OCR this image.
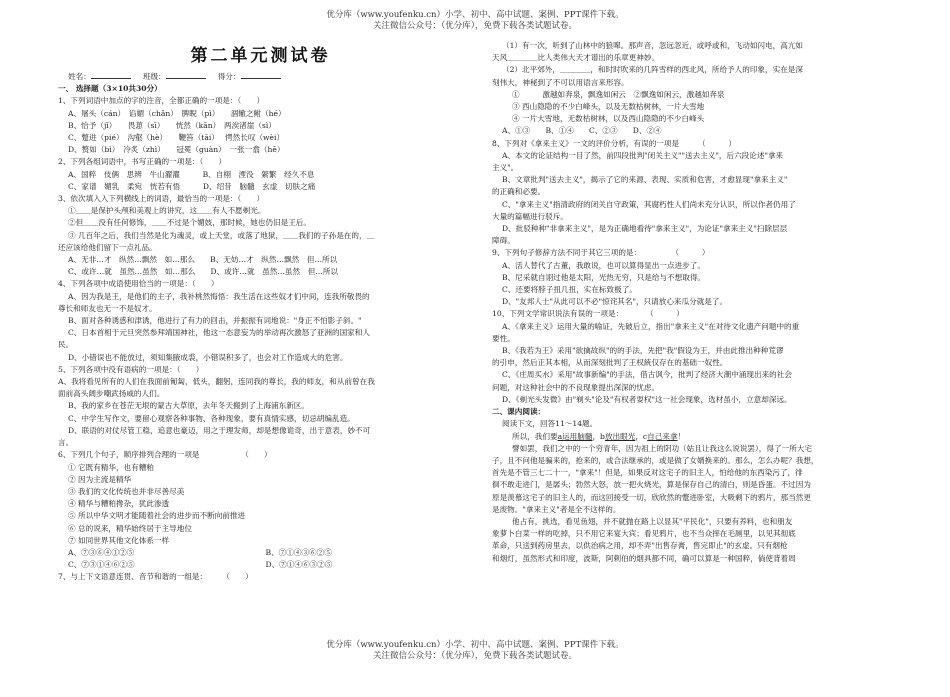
优分库（www.youfenku.cn）小学、初中、高中试题、案例、PPT课件下载。
关注微信公众号：（优分库），免费下载各类试题试卷。
第二单元测试卷
姓名：	班级：	得分：
一、 选择题（3×10共30分）
1、下列词语中加点的字的注音，全都正确的一项是：（　　）
A、屠头（cán）　谄媚（chǎn）　脾睨（pì）　　涸辙之鲋（hé）
B、恰予（jǐ）　　畏葸（sī）　　恍然（kān）　两涘渚崖（sì）
C、蹩进（pié）　沟壑（hè）　　鞭笞（tāi）　 愕然长叹（wèi）
D、赘如（bì）　冷炙（zhì）　　冠冕（guàn）　一张一翕（hē）
2、下列各组词语中，书写正确的一项是：（　　）
A、国粹　伎俩　思辨　牛山濯濯　　　B、自栩　湮没　綮繁　经久不息
C、家谱　媚乳　柔宛　恍若有悟　　　D、绍昔　脑髓　玄虚　切肤之痛
3、依次填入入下列横线上的词语，最恰当的一项是：（　　）
①＿＿是保护头颅和美观上的讲究，这＿＿有人不愿剃光。
②但＿＿没有任何修饰，＿＿不过是个媚妓，那时候，她也仍旧是王后。
③ 几百年之后，我们当然是化为魂灵，或上天堂，或落了地狱，＿＿我们的子孙是在的，＿
还应该给他们留下一点礼品。
A、无非…才　纵然…飘然　如…那么　　B、无妨…才　纵然…飘然　但…所以
C、或许…就　虽然…虽然　如…那么　　D、或许…就　虽然…虽然　但…所以
4、下列各项中成语使用恰当的一项是：（　　）
A、因为我是王，是他们的主子，我补桃然悔悟：我生活在这些奴才们中间，连我所敬畏的
尊长和师友也无一不是奴才。
B、面对各种诱惑和津诱，他进行了有力的回击，并振振有词地说："身正不怕影子斜。"
C、日本首相于元旦突然参拜靖国神社，他这一态意妄为的举动再次激怒了亚洲的国家和人
民。
D、小错误也不能放过，须知集腋成裘，小错误积多了，也会对工作造成大的危害。
5、下列各项中没有语病的一项是：（　　）
A、我将看见所有的人们在我面前匍匐，低头，翻躬，连同我的尊长，我的师友，和从前曾在我
面前高头阔步嘲武扬威的人们。
B、我的家乡在苍茫无垠的蒙古大草原，去年冬天搬到了上海浦东新区。
C、中学生写作文，要留心观察各种事物、各种现象，要有真情实感，切忌胡编乱造。
D、联语的对仗尽管工稳，追意也豪迈，用之于理发师，却是想像诡奇，出于意表，妙不可
言。
6、下列几个句子，顺序排列合理的一项是　　　　　　（　　）
① 它既有精华，也有糟粕
② 因为主流是精华
③ 我们的文化传统也并非尽善尽美
④ 精华与糟粕搀杂，犹此渗透
⑤ 所以中华文明才能随着社会的进步而不断向前推进
⑥ 总的说来，精华始终居于主导地位
⑦ 如同世界其他文化体系一样
A、⑦③⑥④①②⑤	B、⑦①④③⑥②⑤
C、⑦③①④⑥②⑤	D、⑦①④⑥③②⑤
7、与上下文语意连贯、音节和谐的一组是：　　　（　　）
（1）有一次，听到了山林中的狼嗥。那声音，忽远忽近，或呼或和，飞动如闪电，高亢如
天风＿＿＿＿比人类伟大天才谱出的乐章更神妙。
（2）北平郊外，＿＿＿＿，和时时吹来的几阵雪样的西北风，所给予人的印象，实在是深
刻伟大，神秘到了不可以用语言来形容。
①　　　激越如奔泉，飘逸如闲云　②飘逸如闲云，激越如奔泉
③ 西山隐隐的不少白峰头，以及无数枯树林，一片大雪地
④ 一片大雪地，无数枯树林，以及西山隐隐的不少白峰头
A、①③　　B、①④　　C、②③　　D、②④
8、下列对《拿来主义》一文的评价分析，有误的一项是　　　（　　　）
A、本文的论证结构一目了然，前四段批判"闭关主义""送去主义"，后六段论述"拿来
主义"。
B、文章批判"送去主义"，揭示了它的来源、表现、实质和危害，才愈显现"拿来主义"
的正确和必要。
C、"拿来主义"指清政府的闭关自守政策，其腐朽性人们尚未充分认识，所以作者仍用了
大量的篇幅进行驳斥。
D、批驳种种"非拿来主义"，是为正确地看待"拿来主义"，为论证"拿来主义"扫除层层
障碍。
9、下列句子修辞方法不同于其它三项的是：　　　　　（　　　）
A、活人替代了古董，我敢说，也可以算得显出一点进步了。
B、尼采就自诩过他是太阳，光热无穷，只是给与不想取得。
C、还要将脖子扭几扭，实在标致极了。
D、"友邦人士"从此可以不必"惊诧其名"，只请放心来瓜分就是了。
10、下列文学常识说法有误的一项是：　　　　（　　　）
A、《拿来主义》运用大量的喻证，先破后立，指出"拿来主义"在对待文化遗产问题中的重
要性。
B、《我若为王》采用"欲擒故纵"的的手法，先把"我"假设为王，并由此推出种种荒谬
的引申，然后正其本相，从而深刻批判了王权統仅存在的基础一奴性。
C、《庄周买水》采用"故事新编"的手法，借古讽今，批判了经济大潮中涌现出来的社会
问题，对这种社会中的不良现象提出深深的忧虑。
D、《剃光头发微》由"剃头"论及"有权者耍权"这一社会现象，选材虽小，立意却深远。
二、课内阅读：
阅读下文，回答11～14题。
所以，我们要a运用脑髓，b放出眼光，c自己来拿！
譬如罢，我们之中的一个穷青年，因为祖上的阴功（姑且让我这么说说罢），得了一所大宅
子，且不问他是骗来的，抢来的，或合法继承的，或是做了女婿换来的。那么，怎么办呢？我想，
首先是不管三七二十一，"拿来"！但是，如果反对这宅子的旧主人，怕给他的东西染污了，徘
徊不敢走进门，是孱头；勃然大怒，放一把火烧光，算是保存自己的清白，则是昏蛋。不过因为
原是羡慕这宅子的旧主人的，而这回接受一切，欣欣然的蹩进卧室，大吸剩下的鸦片，那当然更
是废物。"拿来主义"者是全不这样的。
他占有，挑选，看见鱼翅，并不就抛在路上以显其"平民化"，只要有养料，也和朋友
象萝卜白菜一样的吃掉，只不用它来宴大宾；看见鸦片，也不当众摔在毛厕里，以见其彻底
革命，只送到药房里去，以供治病之用，却不弄"出售存膏，售完即止"的玄虚。只有烟枪
和烟灯，虽然形式和印度，波斯，阿剌伯的烟具都不同，确可以算是一种国粹，倘使背着周
优分库（www.youfenku.cn）小学、初中、高中试题、案例、PPT课件下载。
关注微信公众号：（优分库），免费下载各类试题试卷。
